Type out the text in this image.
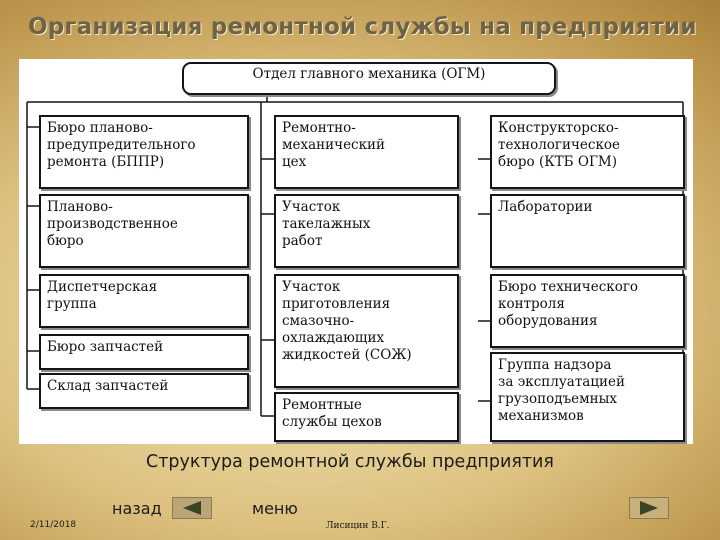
Организация ремонтной службы на предприятии
Отдел главного механика (ОГМ)
Бюро планово-
предупредительного
ремонта (БППР)
Планово-
производственное
бюро
Диспетчерская
группа
Бюро запчастей
Склад запчастей
Ремонтно-
механический
цех
Участок
такелажных
работ
Участок
приготовления
смазочно-
охлаждающих
жидкостей (СОЖ)
Ремонтные
службы цехов
Конструкторско-
технологическое
бюро (КТБ ОГМ)
Лаборатории
Бюро технического
контроля
оборудования
Группа надзора
за эксплуатацией
грузоподъемных
механизмов
Структура ремонтной службы предприятия
2/11/2018
назад	меню
Лисицин В.Г.
